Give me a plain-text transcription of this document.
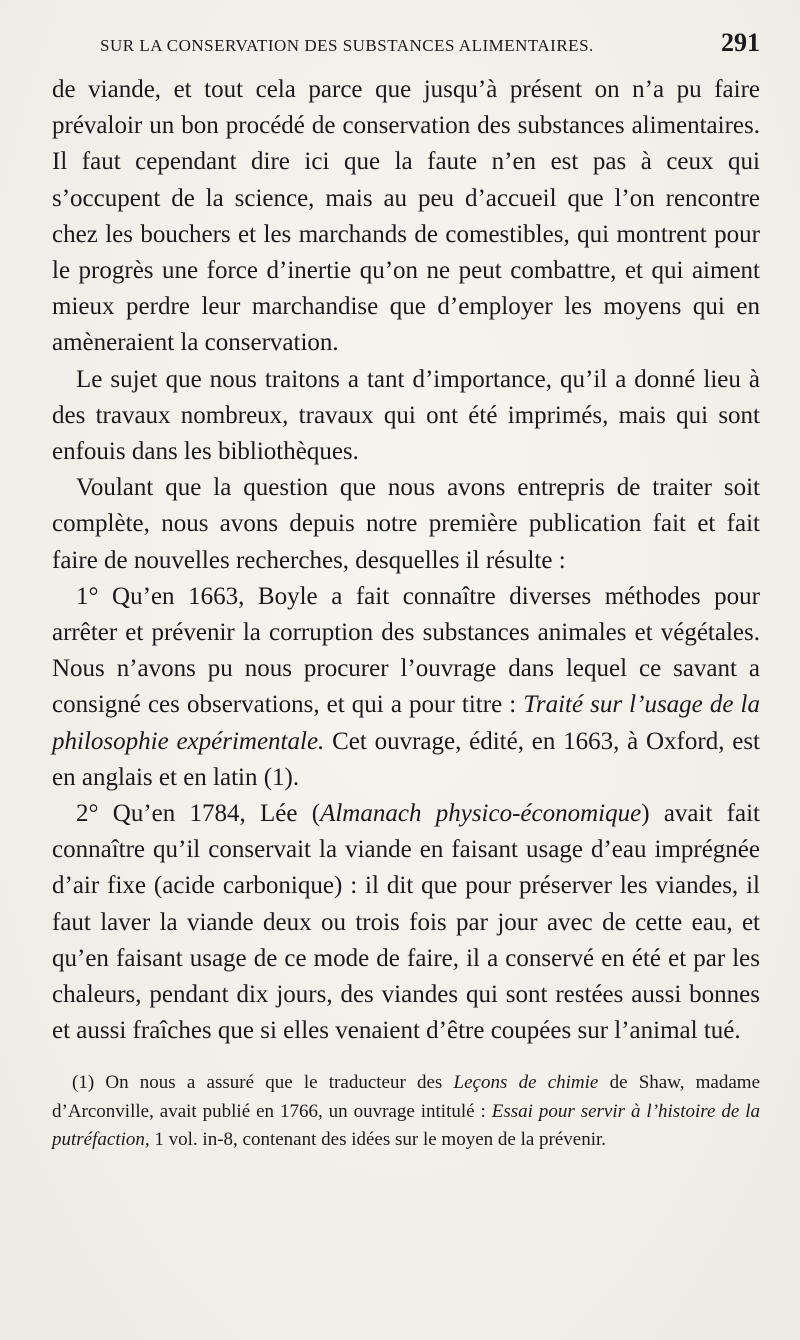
SUR LA CONSERVATION DES SUBSTANCES ALIMENTAIRES.	291

de viande, et tout cela parce que jusqu’à présent on n’a pu faire prévaloir un bon procédé de conservation des substances alimentaires. Il faut cependant dire ici que la faute n’en est pas à ceux qui s’occupent de la science, mais au peu d’accueil que l’on rencontre chez les bouchers et les marchands de comestibles, qui montrent pour le progrès une force d’inertie qu’on ne peut combattre, et qui aiment mieux perdre leur marchandise que d’employer les moyens qui en amèneraient la conservation.

Le sujet que nous traitons a tant d’importance, qu’il a donné lieu à des travaux nombreux, travaux qui ont été imprimés, mais qui sont enfouis dans les bibliothèques.

Voulant que la question que nous avons entrepris de traiter soit complète, nous avons depuis notre première publication fait et fait faire de nouvelles recherches, desquelles il résulte :

1° Qu’en 1663, Boyle a fait connaître diverses méthodes pour arrêter et prévenir la corruption des substances animales et végétales. Nous n’avons pu nous procurer l’ouvrage dans lequel ce savant a consigné ces observations, et qui a pour titre : Traité sur l’usage de la philosophie expérimentale. Cet ouvrage, édité, en 1663, à Oxford, est en anglais et en latin (1).

2° Qu’en 1784, Lée (Almanach physico-économique) avait fait connaître qu’il conservait la viande en faisant usage d’eau imprégnée d’air fixe (acide carbonique) : il dit que pour préserver les viandes, il faut laver la viande deux ou trois fois par jour avec de cette eau, et qu’en faisant usage de ce mode de faire, il a conservé en été et par les chaleurs, pendant dix jours, des viandes qui sont restées aussi bonnes et aussi fraîches que si elles venaient d’être coupées sur l’animal tué.

(1) On nous a assuré que le traducteur des Leçons de chimie de Shaw, madame d’Arconville, avait publié en 1766, un ouvrage intitulé : Essai pour servir à l’histoire de la putréfaction, 1 vol. in-8, contenant des idées sur le moyen de la prévenir.
